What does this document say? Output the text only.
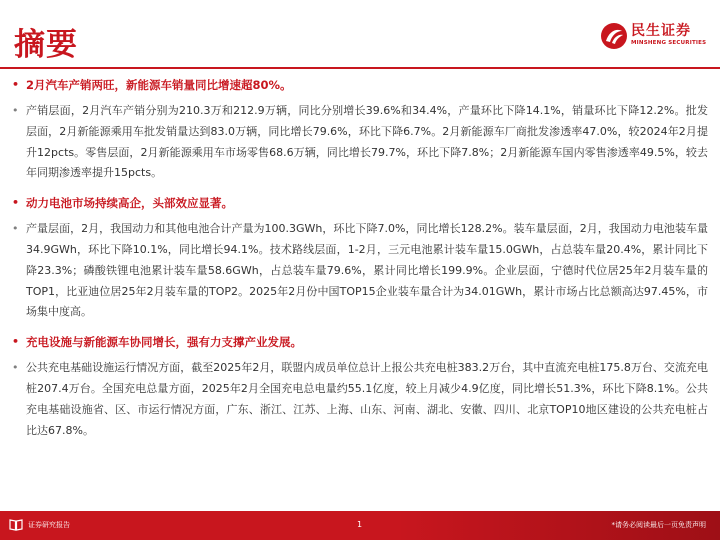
摘要	民生证券
MINSHENG SECURITIES
• 2月汽车产销两旺，新能源车销量同比增速超80%。
• 产销层面，2月汽车产销分别为210.3万和212.9万辆，同比分别增长39.6%和34.4%，产量环比下降14.1%，销量环比下降12.2%。批发层面，2月新能源乘用车批发销量达到83.0万辆，同比增长79.6%，环比下降6.7%。2月新能源车厂商批发渗透率47.0%，较2024年2月提升12pcts。零售层面，2月新能源乘用车市场零售68.6万辆，同比增长79.7%，环比下降7.8%；2月新能源车国内零售渗透率49.5%，较去年同期渗透率提升15pcts。
• 动力电池市场持续高企，头部效应显著。
• 产量层面，2月，我国动力和其他电池合计产量为100.3GWh，环比下降7.0%，同比增长128.2%。装车量层面，2月，我国动力电池装车量34.9GWh，环比下降10.1%，同比增长94.1%。技术路线层面，1-2月，三元电池累计装车量15.0GWh，占总装车量20.4%，累计同比下降23.3%；磷酸铁锂电池累计装车量58.6GWh，占总装车量79.6%，累计同比增长199.9%。企业层面，宁德时代位居25年2月装车量的TOP1，比亚迪位居25年2月装车量的TOP2。2025年2月份中国TOP15企业装车量合计为34.01GWh，累计市场占比总额高达97.45%，市场集中度高。
• 充电设施与新能源车协同增长，强有力支撑产业发展。
• 公共充电基础设施运行情况方面，截至2025年2月，联盟内成员单位总计上报公共充电桩383.2万台，其中直流充电桩175.8万台、交流充电桩207.4万台。全国充电总量方面，2025年2月全国充电总电量约55.1亿度，较上月减少4.9亿度，同比增长51.3%，环比下降8.1%。公共充电基础设施省、区、市运行情况方面，广东、浙江、江苏、上海、山东、河南、湖北、安徽、四川、北京TOP10地区建设的公共充电桩占比达67.8%。
证券研究报告	1	*请务必阅读最后一页免责声明
